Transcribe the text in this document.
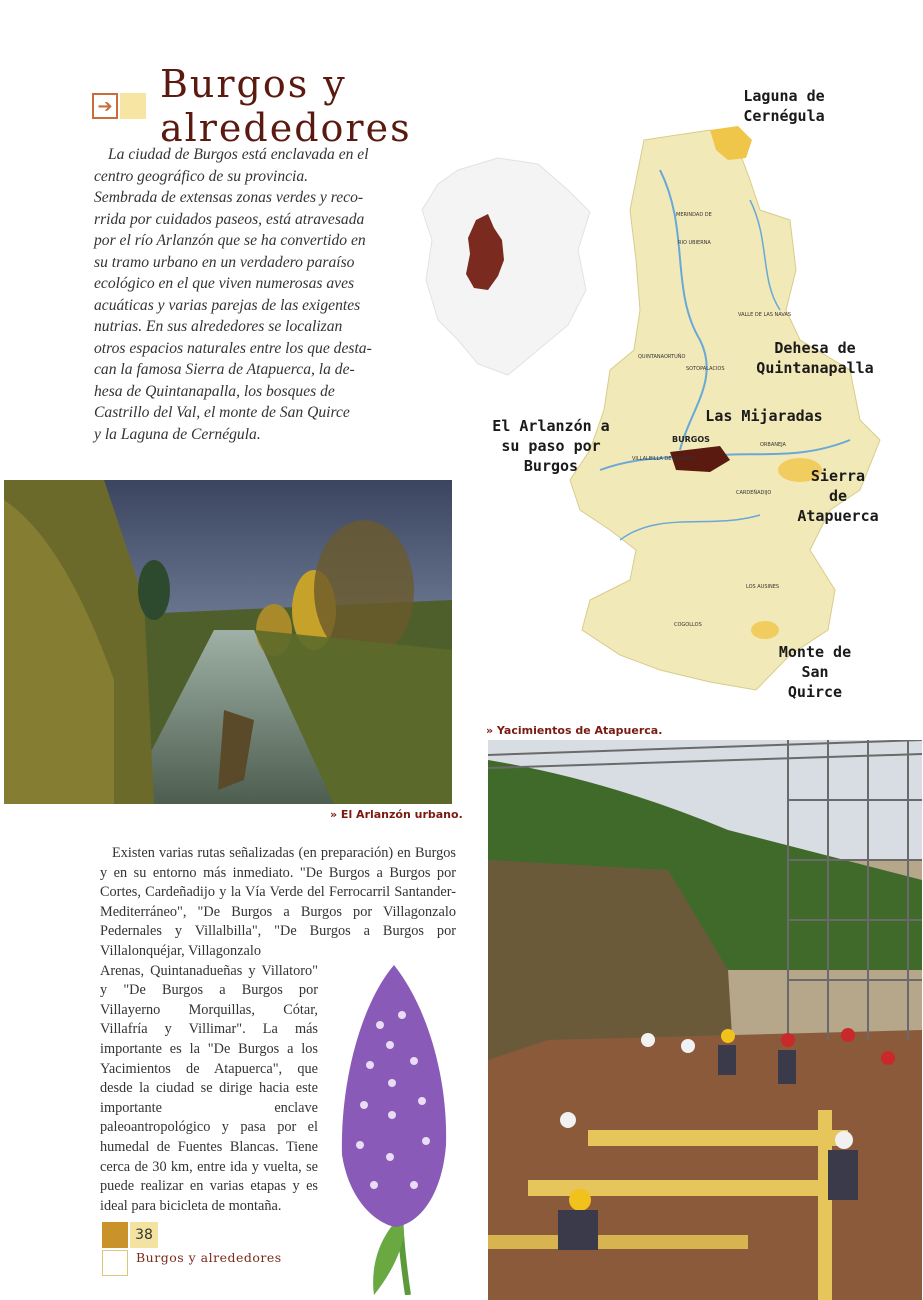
➔ Burgos y alrededores
La ciudad de Burgos está enclavada en el
centro geográfico de su provincia.
Sembrada de extensas zonas verdes y reco-
rrida por cuidados paseos, está atravesada
por el río Arlanzón que se ha convertido en
su tramo urbano en un verdadero paraíso
ecológico en el que viven numerosas aves
acuáticas y varias parejas de las exigentes
nutrias. En sus alrededores se localizan
otros espacios naturales entre los que desta-
can la famosa Sierra de Atapuerca, la de-
hesa de Quintanapalla, los bosques de
Castrillo del Val, el monte de San Quirce
y la Laguna de Cernégula.	BURGOS
VALLE DE LAS NAVAS
QUINTANAORTUÑO
SOTOPALACIOS
CARDEÑADIJO
ORBANEJA
VILLALBILLA DE BURGOS
MERINDAD DE
RIO UBIERNA
COGOLLOS
LOS AUSINES
Laguna de
Cernégula
Dehesa de
Quintanapalla
Las Mijaradas
El Arlanzón a
su paso por Burgos
Sierra
de Atapuerca
Monte de
San Quirce
» El Arlanzón urbano.
» Yacimientos de Atapuerca.

Existen varias rutas señalizadas (en preparación) en Burgos y en su entorno más inmediato. "De Burgos a Burgos por Cortes, Cardeñadijo y la Vía Verde del Ferrocarril Santander-Mediterráneo", "De Burgos a Burgos por Villagonzalo Pedernales y Villalbilla", "De Burgos a Burgos por Villalonquéjar, Villagonzalo

Arenas, Quintanadueñas y Villatoro" y "De Burgos a Burgos por Villayerno Morquillas, Cótar, Villafría y Villimar". La más importante es la "De Burgos a los Yacimientos de Atapuerca", que desde la ciudad se dirige hacia este importante enclave paleoantropológico y pasa por el humedal de Fuentes Blancas. Tiene cerca de 30 km, entre ida y vuelta, se puede realizar en varias etapas y es ideal para bicicleta de montaña.
38
Burgos y alrededores
